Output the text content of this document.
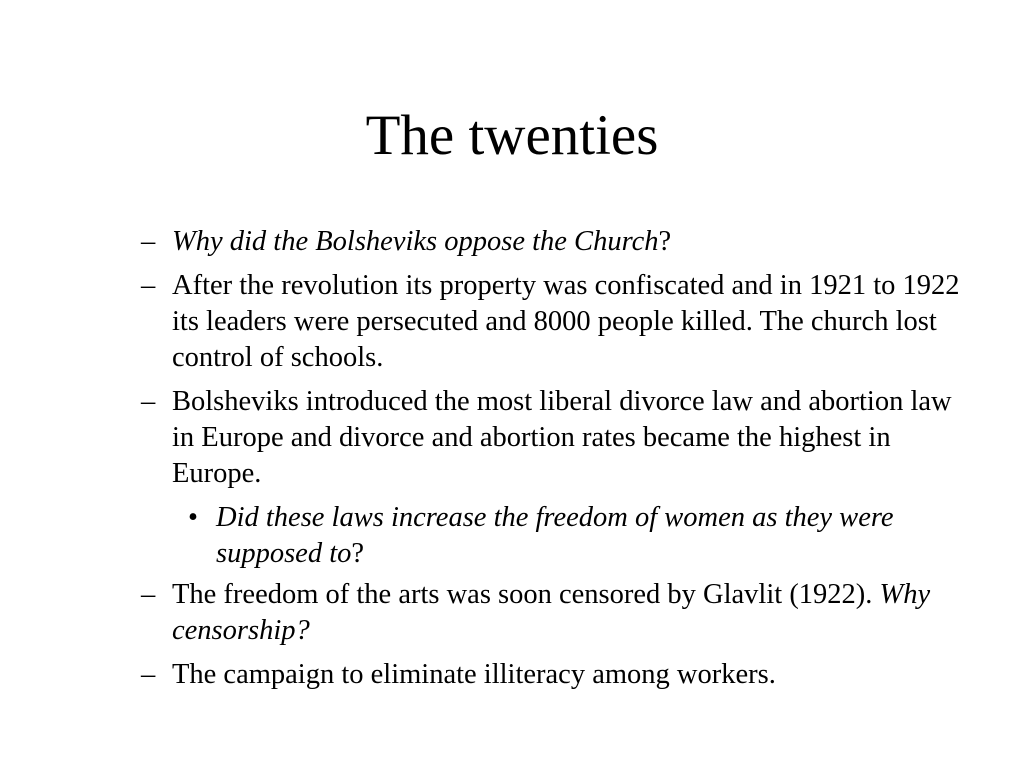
The twenties
– Why did the Bolsheviks oppose the Church?
– After the revolution its property was confiscated and in 1921 to 1922 its leaders were persecuted and 8000 people killed. The church lost control of schools.
– Bolsheviks introduced the most liberal divorce law and abortion law in Europe and divorce and abortion rates became the highest in Europe.
• Did these laws increase the freedom of women as they were supposed to?
– The freedom of the arts was soon censored by Glavlit (1922). Why censorship?
– The campaign to eliminate illiteracy among workers.
